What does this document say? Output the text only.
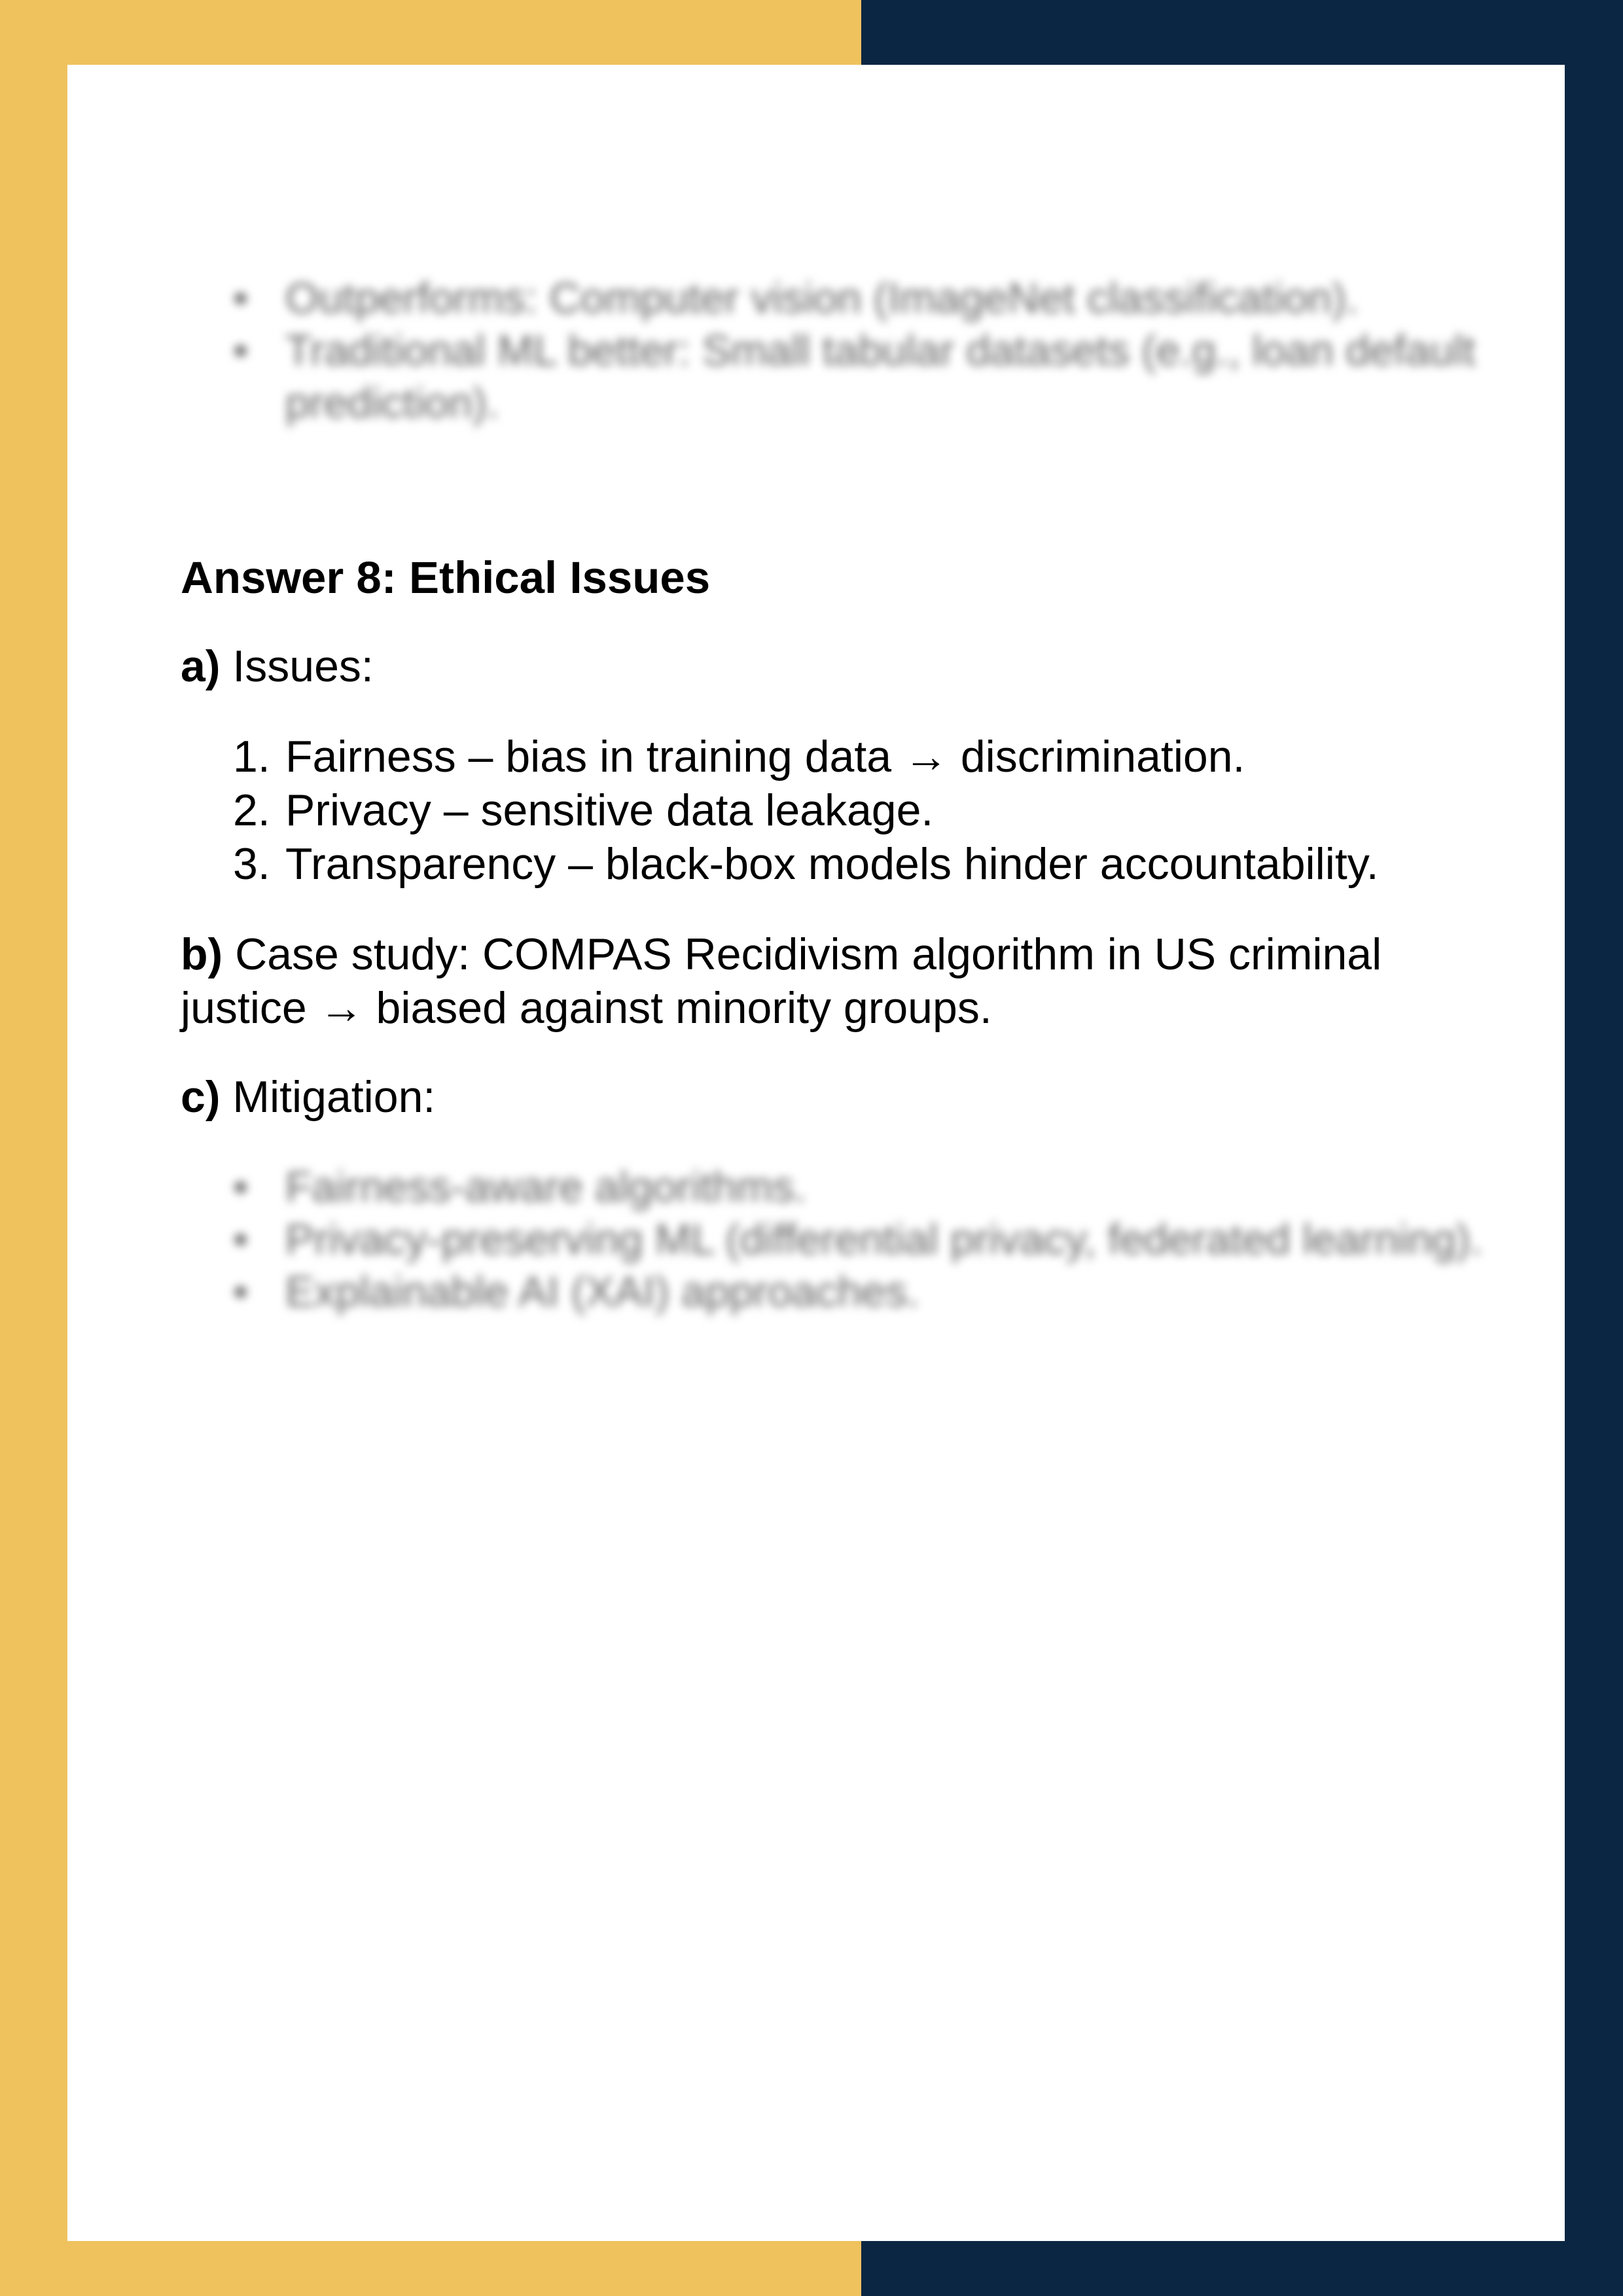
• Outperforms: Computer vision (ImageNet classification).
• Traditional ML better: Small tabular datasets (e.g., loan default prediction).
Answer 8: Ethical Issues

a) Issues:

1. Fairness – bias in training data → discrimination.
2. Privacy – sensitive data leakage.
3. Transparency – black-box models hinder accountability.

b) Case study: COMPAS Recidivism algorithm in US criminal justice → biased against minority groups.

c) Mitigation:

• Fairness-aware algorithms.
• Privacy-preserving ML (differential privacy, federated learning).
• Explainable AI (XAI) approaches.
